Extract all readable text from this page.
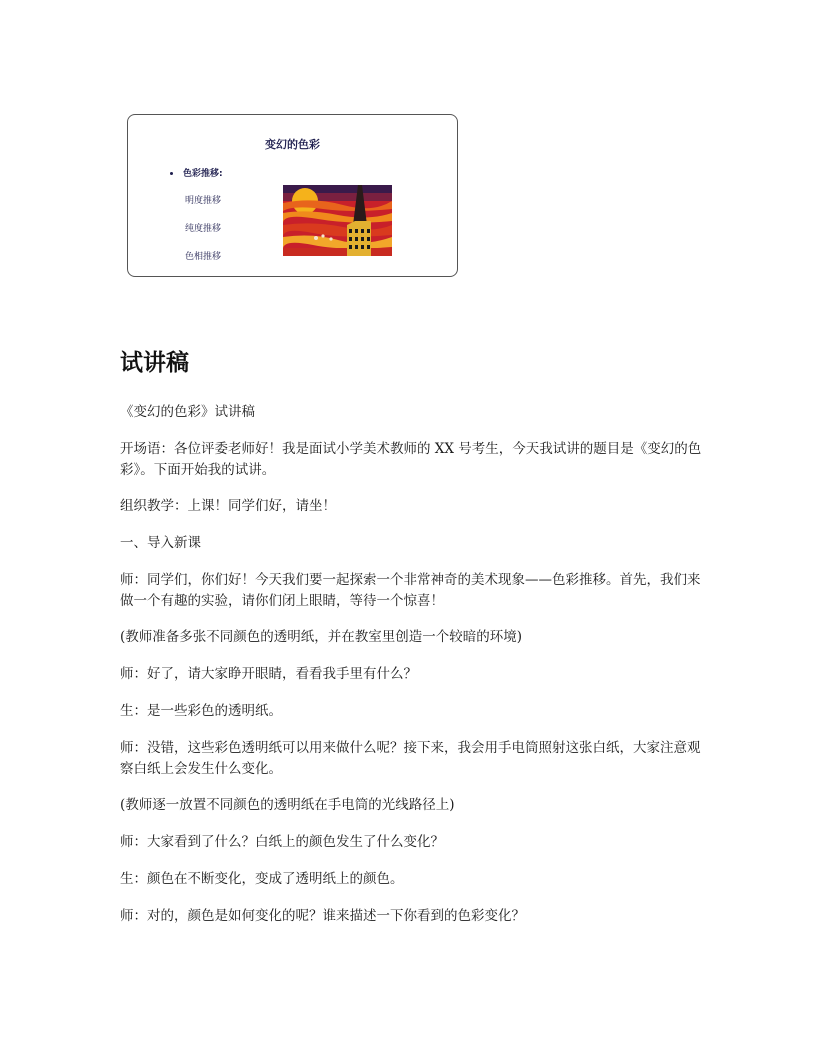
变幻的色彩
色彩推移:
明度推移
纯度推移
色相推移
试讲稿

《变幻的色彩》试讲稿

开场语：各位评委老师好！我是面试小学美术教师的 XX 号考生，今天我试讲的题目是《变幻的色彩》。下面开始我的试讲。

组织教学：上课！同学们好，请坐！

一、导入新课

师：同学们，你们好！今天我们要一起探索一个非常神奇的美术现象——色彩推移。首先，我们来做一个有趣的实验，请你们闭上眼睛，等待一个惊喜！

(教师准备多张不同颜色的透明纸，并在教室里创造一个较暗的环境)

师：好了，请大家睁开眼睛，看看我手里有什么？

生：是一些彩色的透明纸。

师：没错，这些彩色透明纸可以用来做什么呢？接下来，我会用手电筒照射这张白纸，大家注意观察白纸上会发生什么变化。

(教师逐一放置不同颜色的透明纸在手电筒的光线路径上)

师：大家看到了什么？白纸上的颜色发生了什么变化？

生：颜色在不断变化，变成了透明纸上的颜色。

师：对的，颜色是如何变化的呢？谁来描述一下你看到的色彩变化？
